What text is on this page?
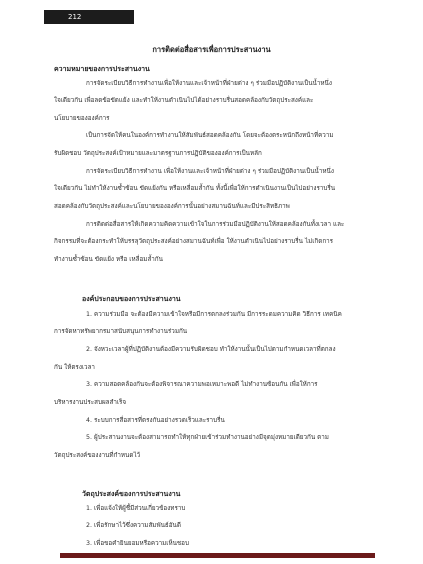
212
การติดต่อสื่อสารเพื่อการประสานงาน
ความหมายของการประสานงาน
การจัดระเบียบวิธีการทำงานเพื่อให้งานและเจ้าหน้าที่ฝ่ายต่าง ๆ ร่วมมือปฏิบัติงานเป็นน้ำหนึ่ง
ใจเดียวกัน เพื่อลดข้อขัดแย้ง และทำให้งานดำเนินไปได้อย่างราบรื่นสอดคล้องกับวัตถุประสงค์และ
นโยบายขององค์การ
เป็นการจัดให้คนในองค์การทำงานให้สัมพันธ์สอดคล้องกัน โดยจะต้องตระหนักถึงหน้าที่ความ
รับผิดชอบ วัตถุประสงค์เป้าหมายและมาตรฐานการปฏิบัติขององค์การเป็นหลัก
การจัดระเบียบวิธีการทำงาน เพื่อให้งานและเจ้าหน้าที่ฝ่ายต่าง ๆ ร่วมมือปฏิบัติงานเป็นน้ำหนึ่ง
ใจเดียวกัน ไม่ทำให้งานซ้ำซ้อน ขัดแย้งกัน หรือเหลื่อมล้ำกัน ทั้งนี้เพื่อให้การดำเนินงานเป็นไปอย่างราบรื่น
สอดคล้องกับวัตถุประสงค์และนโยบายขององค์การนั้นอย่างสมานฉันท์และมีประสิทธิภาพ
การติดต่อสื่อสารให้เกิดความคิดความเข้าใจในการร่วมมือปฏิบัติงานให้สอดคล้องกันทั้งเวลา และ
กิจกรรมที่จะต้องกระทำให้บรรลุวัตถุประสงค์อย่างสมานฉันท์เพื่อ ให้งานดำเนินไปอย่างราบรื่น ไม่เกิดการ
ทำงานซ้ำซ้อน ขัดแย้ง หรือ เหลื่อมล้ำกัน
องค์ประกอบของการประสานงาน
1. ความร่วมมือ จะต้องมีความเข้าใจหรือมีการตกลงร่วมกัน มีการระดมความคิด วิธีการ เทคนิค
การจัดหาทรัพยากรมาสนับสนุนการทำงานร่วมกัน
2. จังหวะเวลาผู้ที่ปฏิบัติงานต้องมีความรับผิดชอบ ทำให้งานนั้นเป็นไปตามกำหนดเวลาที่ตกลง
กัน ให้ตรงเวลา
3. ความสอดคล้องกันจะต้องพิจารณาความพอเหมาะพอดี ไม่ทำงานซ้อนกัน เพื่อให้การ
บริหารงานประสบผลสำเร็จ
4. ระบบการสื่อสารที่ตรงกันอย่างรวดเร็วและราบรื่น
5. ผู้ประสานงานจะต้องสามารถทำให้ทุกฝ่ายเข้าร่วมทำงานอย่างมีจุดมุ่งหมายเดียวกัน ตาม
วัตถุประสงค์ของงานที่กำหนดไว้
วัตถุประสงค์ของการประสานงาน
1. เพื่อแจ้งให้ผู้ชี้มีส่วนเกี่ยวข้องทราบ
2. เพื่อรักษาไว้ซึ่งความสัมพันธ์อันดี
3. เพื่อขอคำยินยอมหรือความเห็นชอบ
